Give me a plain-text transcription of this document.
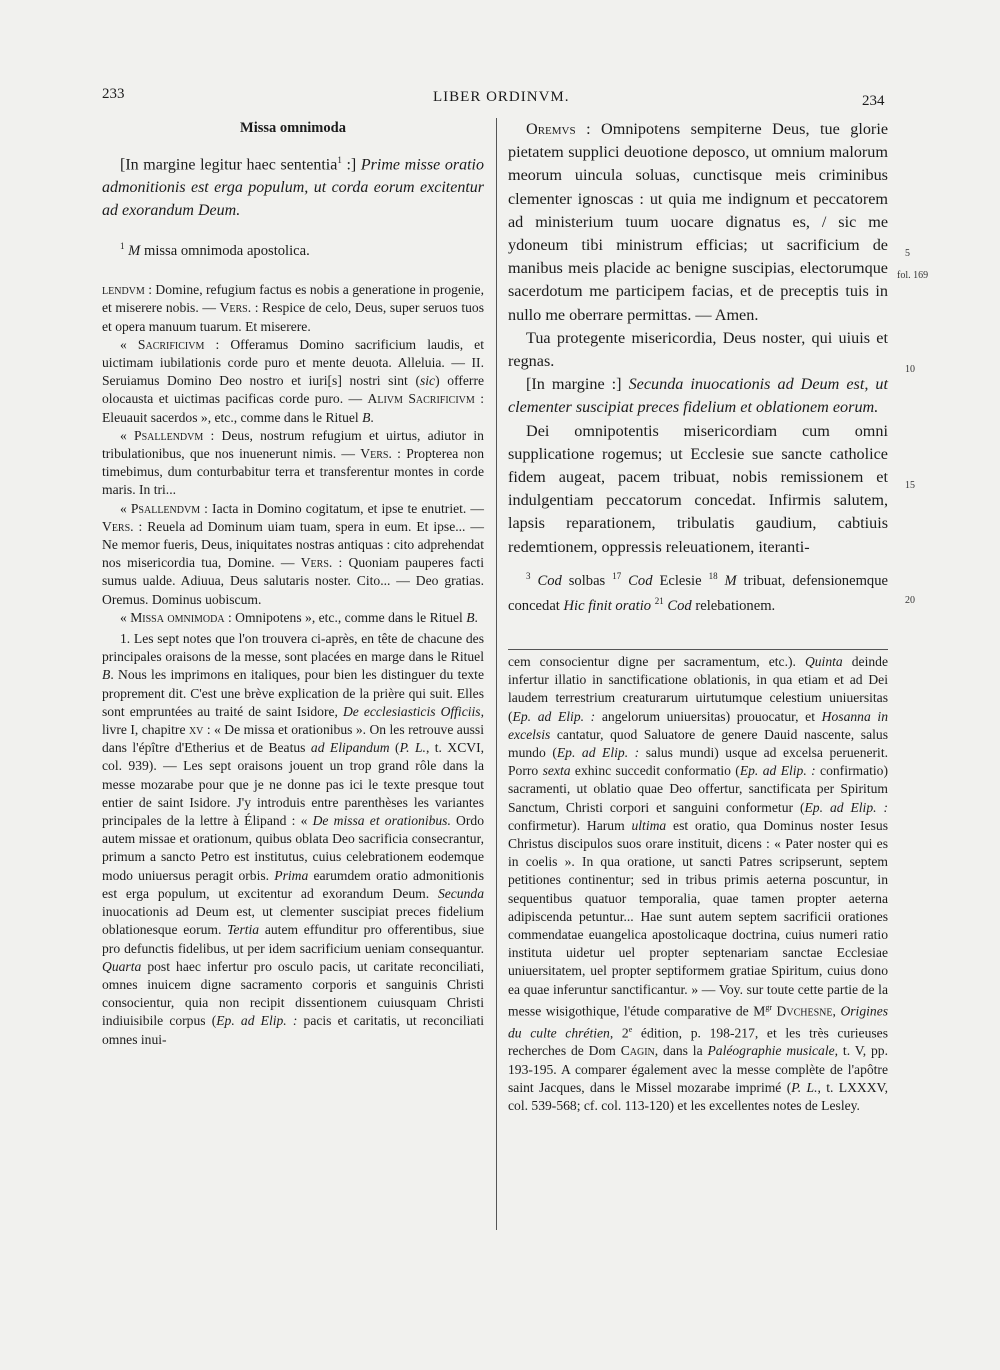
233	LIBER ORDINVM.	234
Missa omnimoda

[In margine legitur haec sententia$^1$ :] Prime misse oratio admonitionis est erga populum, ut corda eorum excitentur ad exorandum Deum.

$^1$ M missa omnimoda apostolica.

lendvm : Domine, refugium factus es nobis a generatione in progenie, et miserere nobis. — Vers. : Respice de celo, Deus, super seruos tuos et opera manuum tuarum. Et miserere.

« Sacrificivm : Offeramus Domino sacrificium laudis, et uictimam iubilationis corde puro et mente deuota. Alleluia. — II. Seruiamus Domino Deo nostro et iuri[s] nostri sint (sic) offerre olocausta et uictimas pacificas corde puro. — Alivm Sacrificivm : Eleuauit sacerdos », etc., comme dans le Rituel B.

« Psallendvm : Deus, nostrum refugium et uirtus, adiutor in tribulationibus, que nos inuenerunt nimis. — Vers. : Propterea non timebimus, dum conturbabitur terra et transferentur montes in corde maris. In tri...

« Psallendvm : Iacta in Domino cogitatum, et ipse te enutriet. — Vers. : Reuela ad Dominum uiam tuam, spera in eum. Et ipse... — Ne memor fueris, Deus, iniquitates nostras antiquas : cito adprehendat nos misericordia tua, Domine. — Vers. : Quoniam pauperes facti sumus ualde. Adiuua, Deus salutaris noster. Cito... — Deo gratias. Oremus. Dominus uobiscum.

« Missa omnimoda : Omnipotens », etc., comme dans le Rituel B.

1. Les sept notes que l'on trouvera ci-après, en tête de chacune des principales oraisons de la messe, sont placées en marge dans le Rituel B. Nous les imprimons en italiques, pour bien les distinguer du texte proprement dit. C'est une brève explication de la prière qui suit. Elles sont empruntées au traité de saint Isidore, De ecclesiasticis Officiis, livre I, chapitre xv : « De missa et orationibus ». On les retrouve aussi dans l'épître d'Etherius et de Beatus ad Elipandum (P. L., t. XCVI, col. 939). — Les sept oraisons jouent un trop grand rôle dans la messe mozarabe pour que je ne donne pas ici le texte presque tout entier de saint Isidore. J'y introduis entre parenthèses les variantes principales de la lettre à Élipand : « De missa et orationibus. Ordo autem missae et orationum, quibus oblata Deo sacrificia consecrantur, primum a sancto Petro est institutus, cuius celebrationem eodemque modo uniuersus peragit orbis. Prima earumdem oratio admonitionis est erga populum, ut excitentur ad exorandum Deum. Secunda inuocationis ad Deum est, ut clementer suscipiat preces fidelium oblationesque eorum. Tertia autem effunditur pro offerentibus, siue pro defunctis fidelibus, ut per idem sacrificium ueniam consequantur. Quarta post haec infertur pro osculo pacis, ut caritate reconciliati, omnes inuicem digne sacramento corporis et sanguinis Christi consocientur, quia non recipit dissentionem cuiusquam Christi indiuisibile corpus (Ep. ad Elip. : pacis et caritatis, ut reconciliati omnes inui-

Oremvs : Omnipotens sempiterne Deus, tue glorie pietatem supplici deuotione deposco, ut omnium malorum meorum uincula soluas, cunctisque meis criminibus clementer ignoscas : ut quia me indignum et peccatorem ad ministerium tuum uocare dignatus es, / sic me ydoneum tibi ministrum efficias; ut sacrificium de manibus meis placide ac benigne suscipias, electorumque sacerdotum me participem facias, et de preceptis tuis in nullo me oberrare permittas. — Amen.

Tua protegente misericordia, Deus noster, qui uiuis et regnas.

[In margine :] Secunda inuocationis ad Deum est, ut clementer suscipiat preces fidelium et oblationem eorum.

Dei omnipotentis misericordiam cum omni supplicatione rogemus; ut Ecclesie sue sancte catholice fidem augeat, pacem tribuat, nobis remissionem et indulgentiam peccatorum concedat. Infirmis salutem, lapsis reparationem, tribulatis gaudium, cabtiuis redemtionem, oppressis releuationem, iteranti-

$^3$ Cod solbas $^{17}$ Cod Eclesie $^{18}$ M tribuat, defensionemque concedat Hic finit oratio $^{21}$ Cod relebationem.

cem consocientur digne per sacramentum, etc.). Quinta deinde infertur illatio in sanctificatione oblationis, in qua etiam et ad Dei laudem terrestrium creaturarum uirtutumque celestium uniuersitas (Ep. ad Elip. : angelorum uniuersitas) prouocatur, et Hosanna in excelsis cantatur, quod Saluatore de genere Dauid nascente, salus mundo (Ep. ad Elip. : salus mundi) usque ad excelsa peruenerit. Porro sexta exhinc succedit conformatio (Ep. ad Elip. : confirmatio) sacramenti, ut oblatio quae Deo offertur, sanctificata per Spiritum Sanctum, Christi corpori et sanguini conformetur (Ep. ad Elip. : confirmetur). Harum ultima est oratio, qua Dominus noster Iesus Christus discipulos suos orare instituit, dicens : « Pater noster qui es in coelis ». In qua oratione, ut sancti Patres scripserunt, septem petitiones continentur; sed in tribus primis aeterna poscuntur, in sequentibus quatuor temporalia, quae tamen propter aeterna adipiscenda petuntur... Hae sunt autem septem sacrificii orationes commendatae euangelica apostolicaque doctrina, cuius numeri ratio instituta uidetur uel propter septenariam sanctae Ecclesiae uniuersitatem, uel propter septiformem gratiae Spiritum, cuius dono ea quae inferuntur sanctificantur. » — Voy. sur toute cette partie de la messe wisigothique, l'étude comparative de $M^{gr}$ Dvchesne, Origines du culte chrétien, 2e édition, p. 198-217, et les très curieuses recherches de Dom Cagin, dans la Paléographie musicale, t. V, pp. 193-195. A comparer également avec la messe complète de l'apôtre saint Jacques, dans le Missel mozarabe imprimé (P. L., t. LXXXV, col. 539-568; cf. col. 113-120) et les excellentes notes de Lesley.

5
fol. 169
10
15
20
